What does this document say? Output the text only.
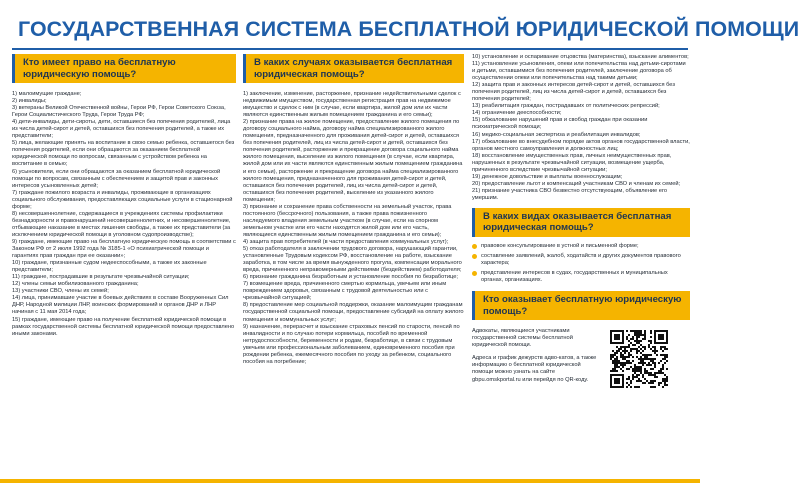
ГОСУДАРСТВЕННАЯ СИСТЕМА БЕСПЛАТНОЙ ЮРИДИЧЕСКОЙ ПОМОЩИ
Кто имеет право на бесплатную юридическую помощь?
1) малоимущие граждане;
2) инвалиды;
3) ветераны Великой Отечественной войны, Герои РФ, Герои Советского Союза, Герои Социалистического Труда, Герои Труда РФ;
4) дети-инвалиды, дети-сироты, дети, оставшиеся без попечения родителей, лица из числа детей-сирот и детей, оставшихся без попечения родителей, а также их представители;
5) лица, желающие принять на воспитание в свою семью ребенка, оставшегося без попечения родителей, если они обращаются за оказанием бесплатной юридической помощи по вопросам, связанным с устройством ребенка на воспитание в семью;
6) усыновители, если они обращаются за оказанием бесплатной юридической помощи по вопросам, связанным с обеспечением и защитой прав и законных интересов усыновленных детей;
7) граждане пожилого возраста и инвалиды, проживающие в организациях социального обслуживания, предоставляющих социальные услуги в стационарной форме;
8) несовершеннолетние, содержащиеся в учреждениях системы профилактики безнадзорности и правонарушений несовершеннолетних, и несовершеннолетние, отбывающие наказание в местах лишения свободы, а также их представители (за исключением юридической помощи в уголовном судопроизводстве);
9) граждане, имеющие право на бесплатную юридическую помощь в соответствии с Законом РФ от 2 июля 1992 года № 3185-1 «О психиатрической помощи и гарантиях прав граждан при ее оказании»;
10) граждане, признанные судом недееспособными, а также их законные представители;
11) граждане, пострадавшие в результате чрезвычайной ситуации;
12) члены семьи мобилизованного гражданина;
13) участники СВО, члены их семей;
14) лица, принимавшие участие в боевых действиях в составе Вооруженных Сил ДНР, Народной милиции ЛНР, воинских формирований и органов ДНР и ЛНР начиная с 11 мая 2014 года;
15) граждане, имеющие право на получение бесплатной юридической помощи в рамках государственной системы бесплатной юридической помощи предоставлено иными законами.
В каких случаях оказывается бесплатная юридическая помощь?
1) заключение, изменение, расторжение, признание недействительными сделок с недвижимым имуществом, государственная регистрация прав на недвижимое имущество и сделок с ним (в случае, если квартира, жилой дом или их части являются единственным жилым помещением гражданина и его семьи);
2) признание права на жилое помещение, предоставление жилого помещения по договору социального найма, договору найма специализированного жилого помещения, предназначенного для проживания детей-сирот и детей, оставшихся без попечения родителей, лиц из числа детей-сирот и детей, оставшихся без попечения родителей, расторжение и прекращение договора социального найма жилого помещения, выселение из жилого помещения (в случае, если квартира, жилой дом или их части являются единственным жилым помещением гражданина и его семьи), расторжение и прекращение договора найма специализированного жилого помещения, предназначенного для проживания детей-сирот и детей, оставшихся без попечения родителей, лиц из числа детей-сирот и детей, оставшихся без попечения родителей, выселение из указанного жилого помещения;
3) признание и сохранение права собственности на земельный участок, права постоянного (бессрочного) пользования, а также права пожизненного наследуемого владения земельным участком (в случае, если на спорном земельном участке или его части находятся жилой дом или его часть, являющиеся единственным жилым помещением гражданина и его семьи);
4) защита прав потребителей (в части предоставления коммунальных услуг);
5) отказ работодателя в заключении трудового договора, нарушающий гарантии, установленные Трудовым кодексом РФ, восстановление на работе, взыскание заработка, в том числе за время вынужденного прогула, компенсации морального вреда, причиненного неправомерными действиями (бездействием) работодателя;
6) признание гражданина безработным и установление пособия по безработице;
7) возмещение вреда, причиненного смертью кормильца, увечьем или иным повреждением здоровья, связанным с трудовой деятельностью или с чрезвычайной ситуацией;
8) предоставление мер социальной поддержки, оказание малоимущим гражданам государственной социальной помощи, предоставление субсидий на оплату жилого помещения и коммунальных услуг;
9) назначение, перерасчет и взыскание страховых пенсий по старости, пенсий по инвалидности и по случаю потери кормильца, пособий по временной нетрудоспособности, беременности и родам, безработице, в связи с трудовым увечьем или профессиональным заболеванием, единовременного пособия при рождении ребенка, ежемесячного пособия по уходу за ребенком, социального пособия на погребение;
10) установление и оспаривание отцовства (материнства), взыскание алиментов;
11) установление усыновления, опеки или попечительства над детьми-сиротами и детьми, оставшимися без попечения родителей, заключение договора об осуществлении опеки или попечительства над такими детьми;
12) защита прав и законных интересов детей-сирот и детей, оставшихся без попечения родителей, лиц из числа детей-сирот и детей, оставшихся без попечения родителей;
13) реабилитация граждан, пострадавших от политических репрессий;
14) ограничение дееспособности;
15) обжалование нарушений прав и свобод граждан при оказании психиатрической помощи;
16) медико-социальная экспертиза и реабилитация инвалидов;
17) обжалование во внесудебном порядке актов органов государственной власти, органов местного самоуправления и должностных лиц;
18) восстановление имущественных прав, личных неимущественных прав, нарушенных в результате чрезвычайной ситуации, возмещение ущерба, причиненного вследствие чрезвычайной ситуации;
19) денежное довольствие и выплаты военнослужащим;
20) предоставление льгот и компенсаций участникам СВО и членам их семей;
21) признание участника СВО безвестно отсутствующим, объявление его умершим.
В каких видах оказывается бесплатная юридическая помощь?
правовое консультирование в устной и письменной форме;
составление заявлений, жалоб, ходатайств и других документов правового характера;
представление интересов в судах, государственных и муниципальных органах, организациях.
Кто оказывает бесплатную юридическую помощь?

Адвокаты, являющиеся участниками государственной системы бесплатной юридической помощи.

Адреса и график дежурств адво-катов, а также информацию о бесплатной юридической помощи можно узнать на сайте gbpu.omskportal.ru или перейдя по QR-коду.
